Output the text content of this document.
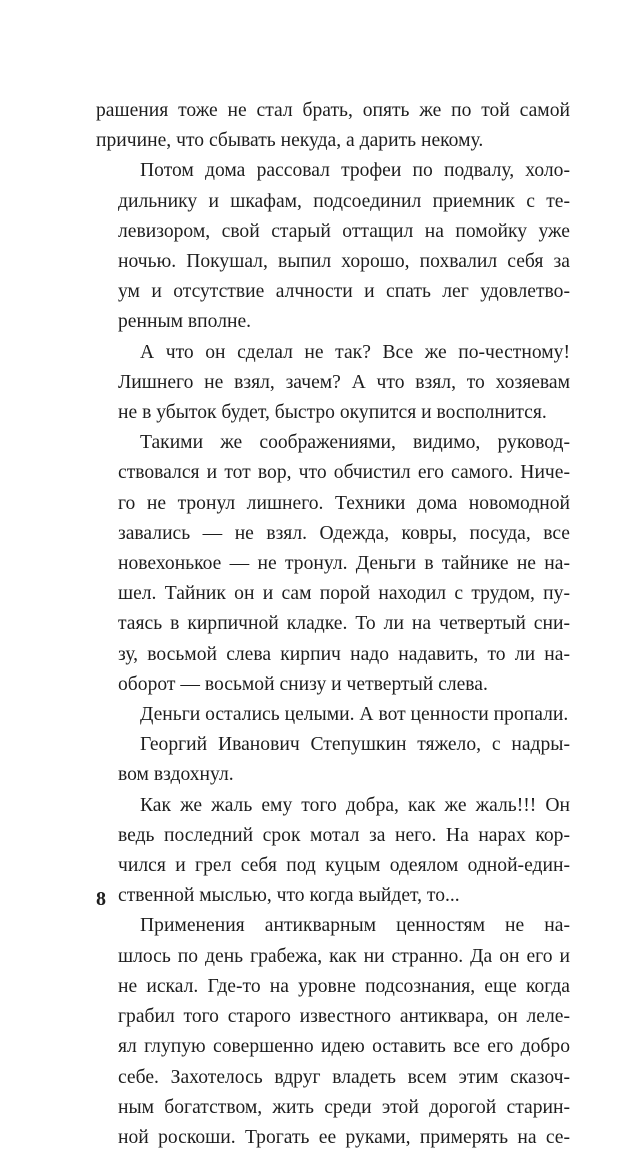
рашения тоже не стал брать, опять же по той самой
причине, что сбывать некуда, а дарить некому.
Потом дома рассовал трофеи по подвалу, холо-
дильнику и шкафам, подсоединил приемник с те-
левизором, свой старый оттащил на помойку уже
ночью. Покушал, выпил хорошо, похвалил себя за
ум и отсутствие алчности и спать лег удовлетво-
ренным вполне.
А что он сделал не так? Все же по-честному!
Лишнего не взял, зачем? А что взял, то хозяевам
не в убыток будет, быстро окупится и восполнится.
Такими же соображениями, видимо, руковод-
ствовался и тот вор, что обчистил его самого. Ниче-
го не тронул лишнего. Техники дома новомодной
завались — не взял. Одежда, ковры, посуда, все
новехонькое — не тронул. Деньги в тайнике не на-
шел. Тайник он и сам порой находил с трудом, пу-
таясь в кирпичной кладке. То ли на четвертый сни-
зу, восьмой слева кирпич надо надавить, то ли на-
оборот — восьмой снизу и четвертый слева.
Деньги остались целыми. А вот ценности пропали.
Георгий Иванович Степушкин тяжело, с надры-
вом вздохнул.
Как же жаль ему того добра, как же жаль!!! Он
ведь последний срок мотал за него. На нарах кор-
чился и грел себя под куцым одеялом одной-един-
ственной мыслью, что когда выйдет, то...
Применения антикварным ценностям не на-
шлось по день грабежа, как ни странно. Да он его и
не искал. Где-то на уровне подсознания, еще когда
грабил того старого известного антиквара, он леле-
ял глупую совершенно идею оставить все его добро
себе. Захотелось вдруг владеть всем этим сказоч-
ным богатством, жить среди этой дорогой старин-
ной роскоши. Трогать ее руками, примерять на се-
8
